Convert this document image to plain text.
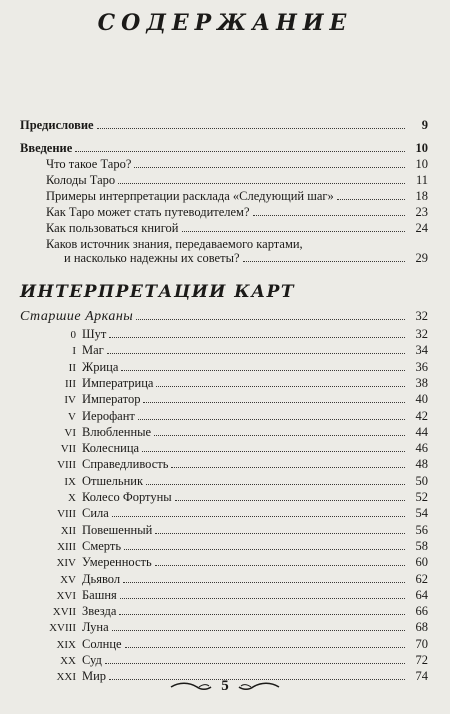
СОДЕРЖАНИЕ
Предисловие	9
Введение	10
Что такое Таро?	10
Колоды Таро	11
Примеры интерпретации расклада «Следующий шаг»	18
Как Таро может стать путеводителем?	23
Как пользоваться книгой	24
Каков источник знания, передаваемого картами,
и насколько надежны их советы?	29
ИНТЕРПРЕТАЦИИ КАРТ
Старшие Арканы	32
0 Шут	32
I Маг	34
II Жрица	36
III Императрица	38
IV Император	40
V Иерофант	42
VI Влюбленные	44
VII Колесница	46
VIII Справедливость	48
IX Отшельник	50
X Колесо Фортуны	52
VIII Сила	54
XII Повешенный	56
XIII Смерть	58
XIV Умеренность	60
XV Дьявол	62
XVI Башня	64
XVII Звезда	66
XVIII Луна	68
XIX Солнце	70
XX Суд	72
XXI Мир	74
5
